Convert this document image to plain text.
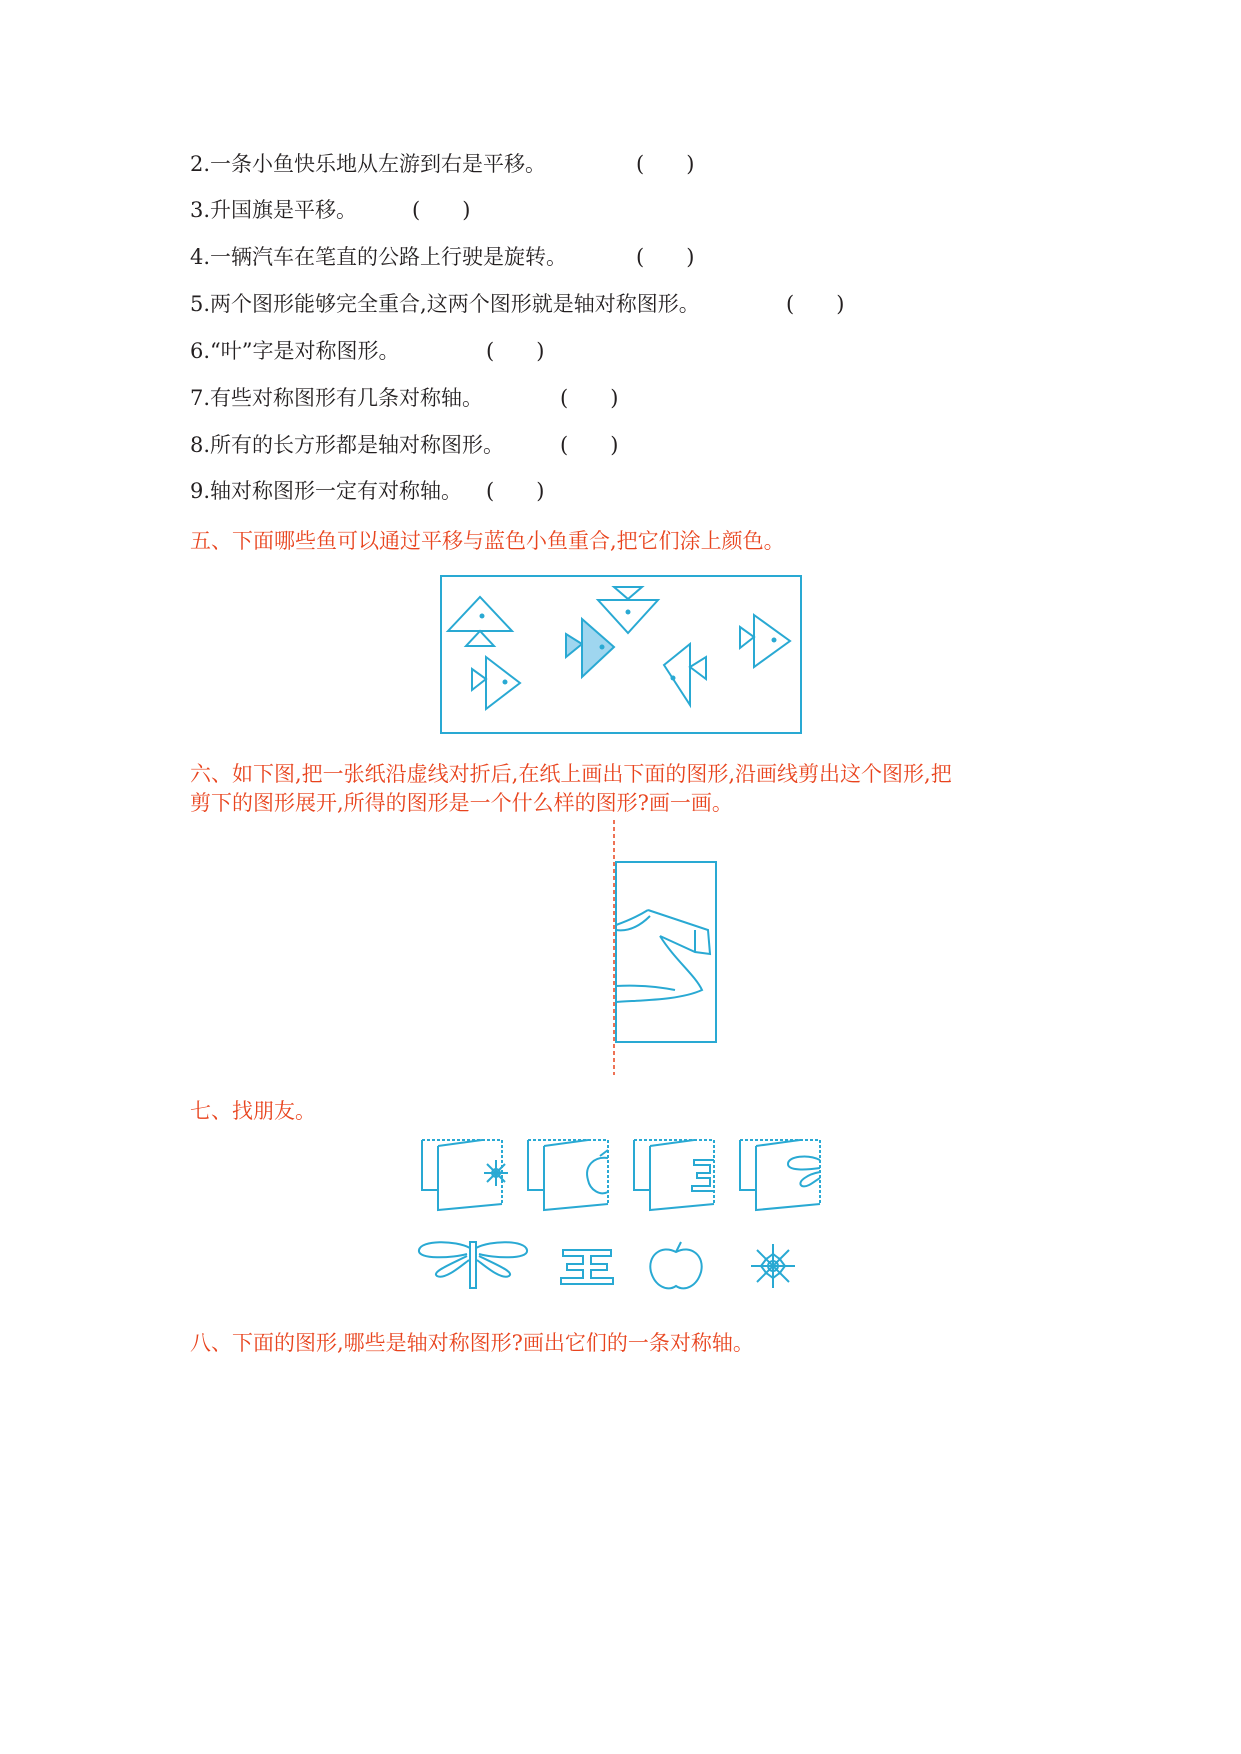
2.一条小鱼快乐地从左游到右是平移。	(　　)
3.升国旗是平移。	(　　)
4.一辆汽车在笔直的公路上行驶是旋转。	(　　)
5.两个图形能够完全重合,这两个图形就是轴对称图形。	(　　)
6.“叶”字是对称图形。	(　　)
7.有些对称图形有几条对称轴。	(　　)
8.所有的长方形都是轴对称图形。	(　　)
9.轴对称图形一定有对称轴。 (　　)
五、下面哪些鱼可以通过平移与蓝色小鱼重合,把它们涂上颜色。
六、如下图,把一张纸沿虚线对折后,在纸上画出下面的图形,沿画线剪出这个图形,把
剪下的图形展开,所得的图形是一个什么样的图形?画一画。
七、找朋友。
八、下面的图形,哪些是轴对称图形?画出它们的一条对称轴。
